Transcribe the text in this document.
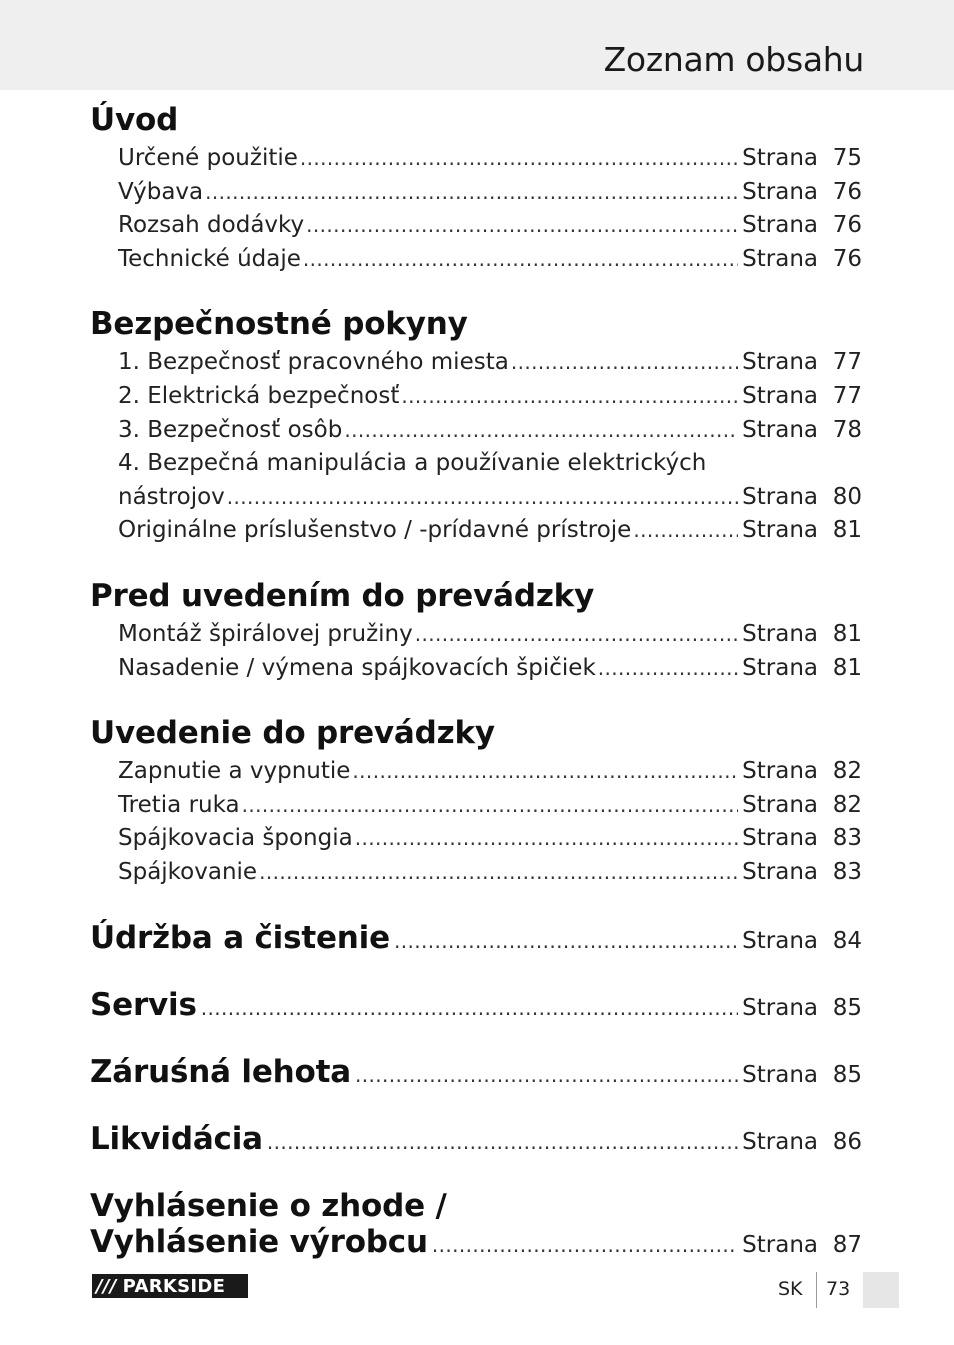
Zoznam obsahu
Úvod
Určené použitie .....	Strana 75
Výbava .....	Strana 76
Rozsah dodávky .....	Strana 76
Technické údaje .....	Strana 76
Bezpečnostné pokyny
1. Bezpečnosť pracovného miesta .....	Strana 77
2. Elektrická bezpečnosť .....	Strana 77
3. Bezpečnosť osôb .....	Strana 78
4. Bezpečná manipulácia a používanie elektrických
nástrojov .....	Strana 80
Originálne príslušenstvo / -prídavné prístroje .....	Strana 81
Pred uvedením do prevádzky
Montáž špirálovej pružiny .....	Strana 81
Nasadenie / výmena spájkovacích špičiek .....	Strana 81
Uvedenie do prevádzky
Zapnutie a vypnutie .....	Strana 82
Tretia ruka .....	Strana 82
Spájkovacia špongia .....	Strana 83
Spájkovanie .....	Strana 83
Údržba a čistenie .....	Strana 84
Servis .....	Strana 85
Záruśná lehota .....	Strana 85
Likvidácia .....	Strana 86
Vyhlásenie o zhode /
Vyhlásenie výrobcu .....	Strana 87
/// PARKSIDE	SK 73
